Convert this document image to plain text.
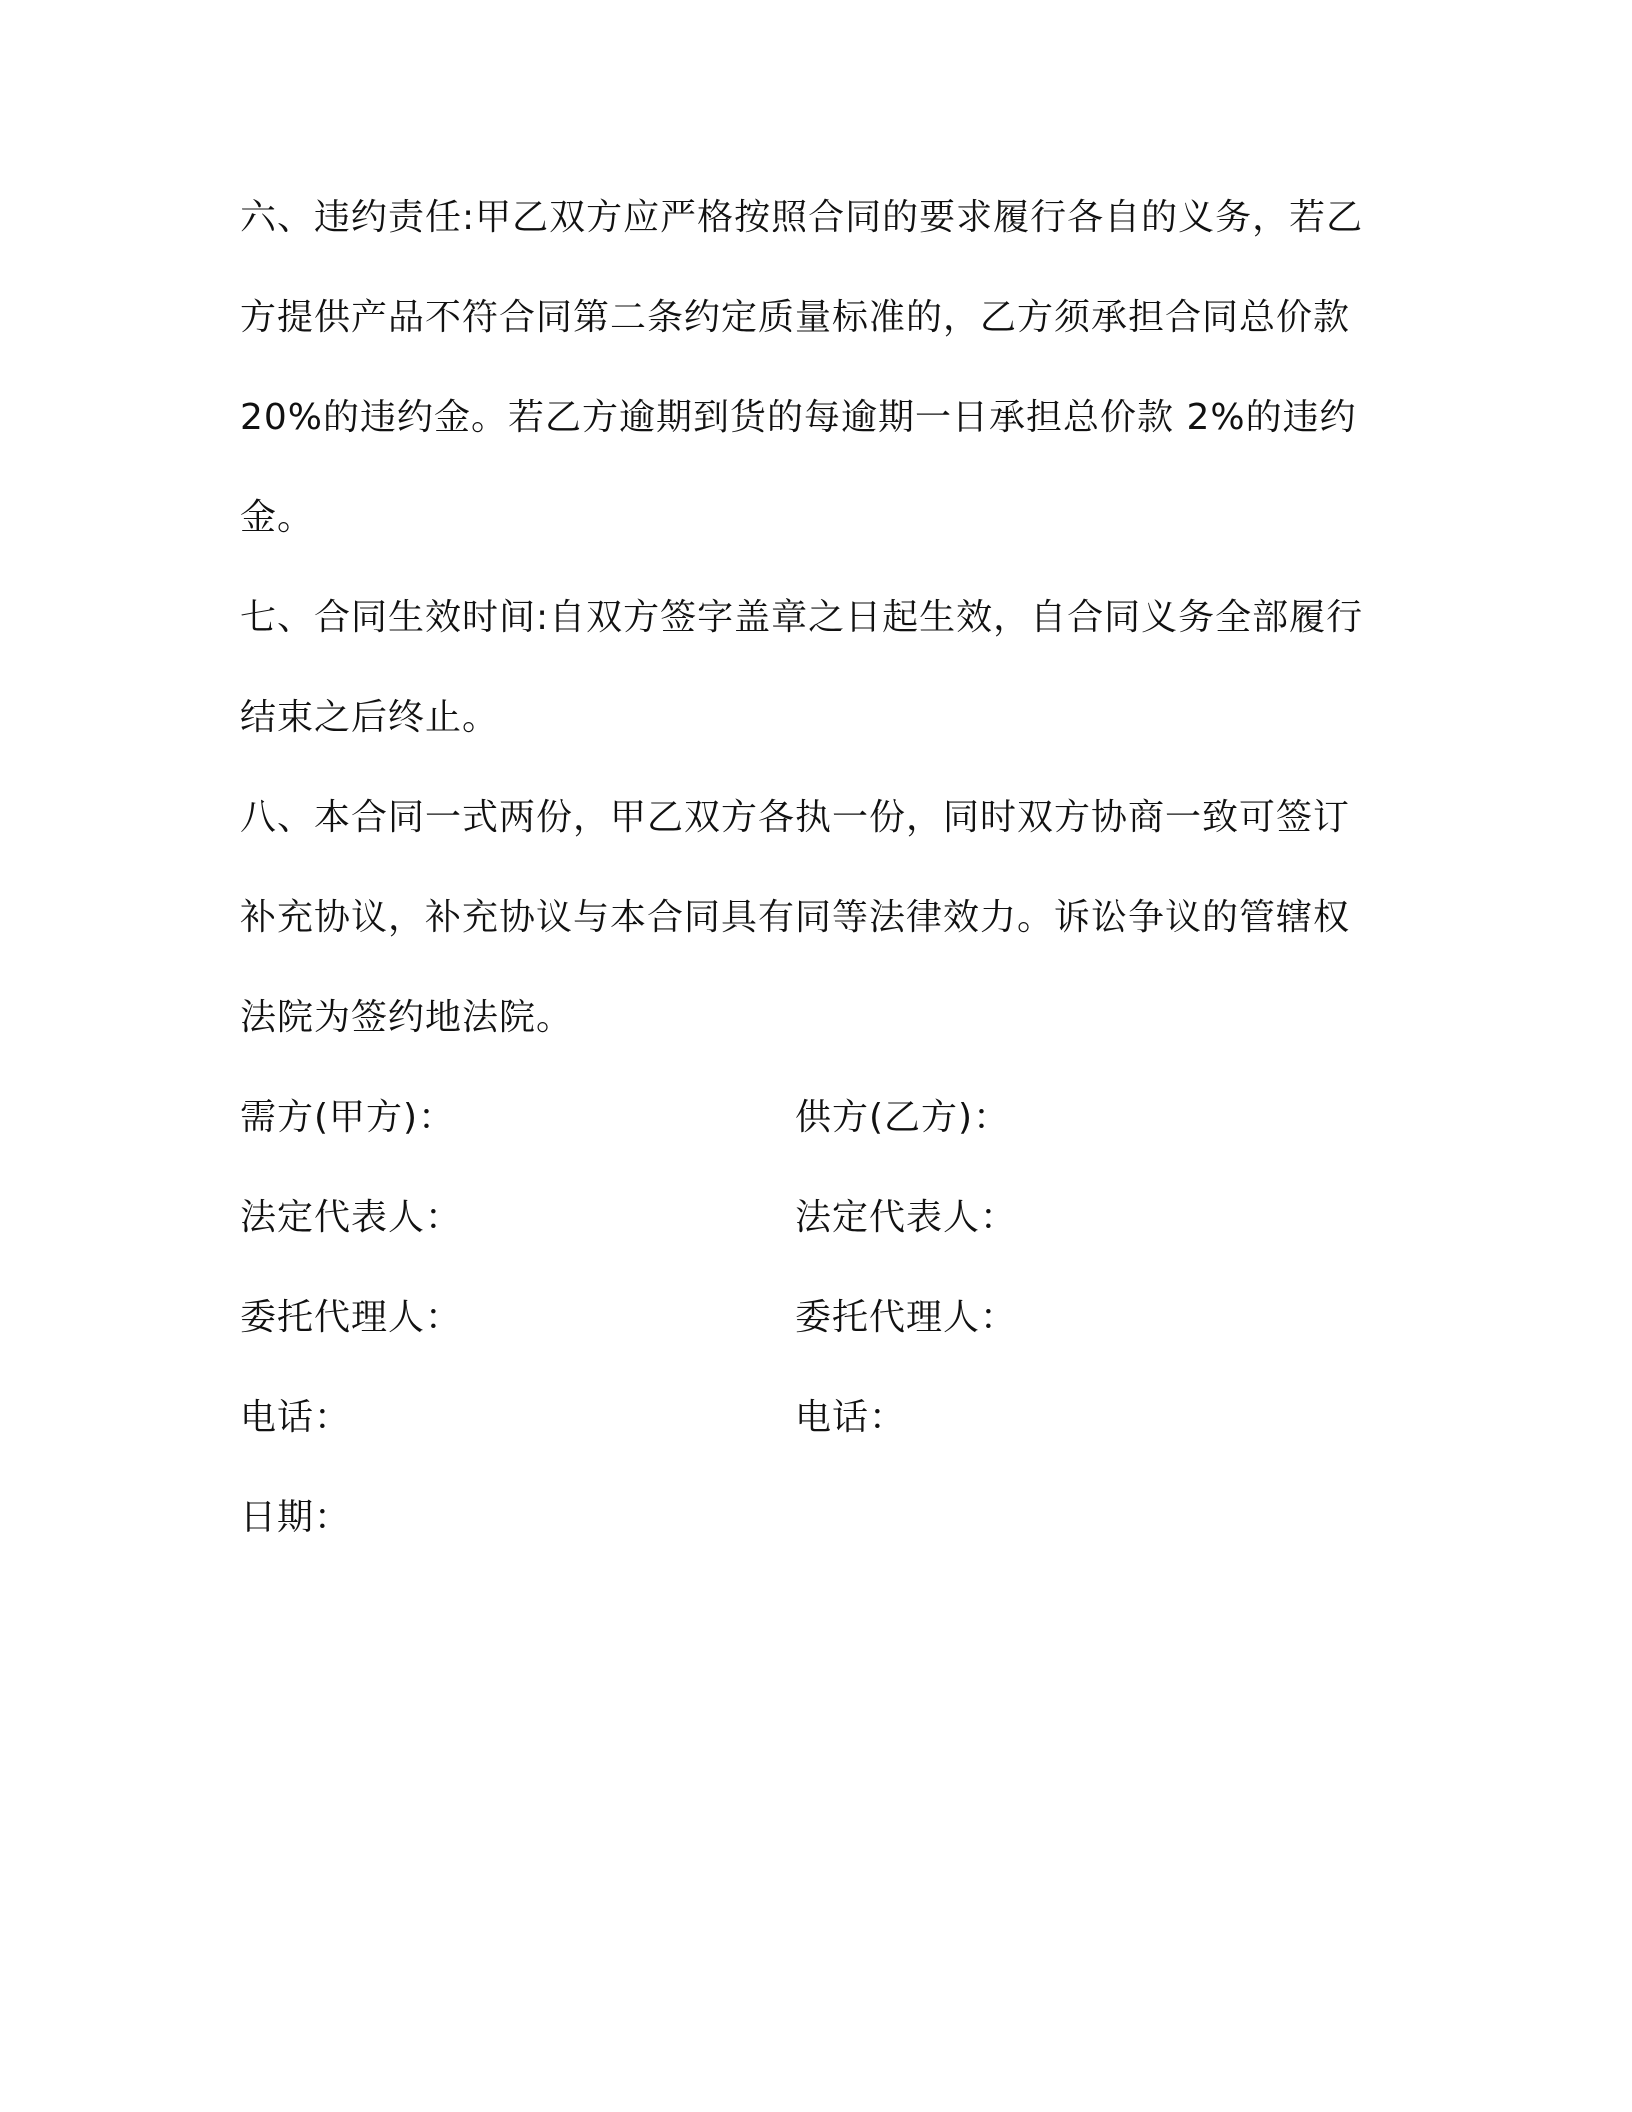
六、违约责任:甲乙双方应严格按照合同的要求履行各自的义务，若乙
方提供产品不符合同第二条约定质量标准的，乙方须承担合同总价款
20%的违约金。若乙方逾期到货的每逾期一日承担总价款 2%的违约
金。
七、合同生效时间:自双方签字盖章之日起生效，自合同义务全部履行
结束之后终止。
八、本合同一式两份，甲乙双方各执一份，同时双方协商一致可签订
补充协议，补充协议与本合同具有同等法律效力。诉讼争议的管辖权
法院为签约地法院。
需方(甲方)：
法定代表人：
委托代理人：
电话：
日期：
供方(乙方)：
法定代表人：
委托代理人：
电话：
